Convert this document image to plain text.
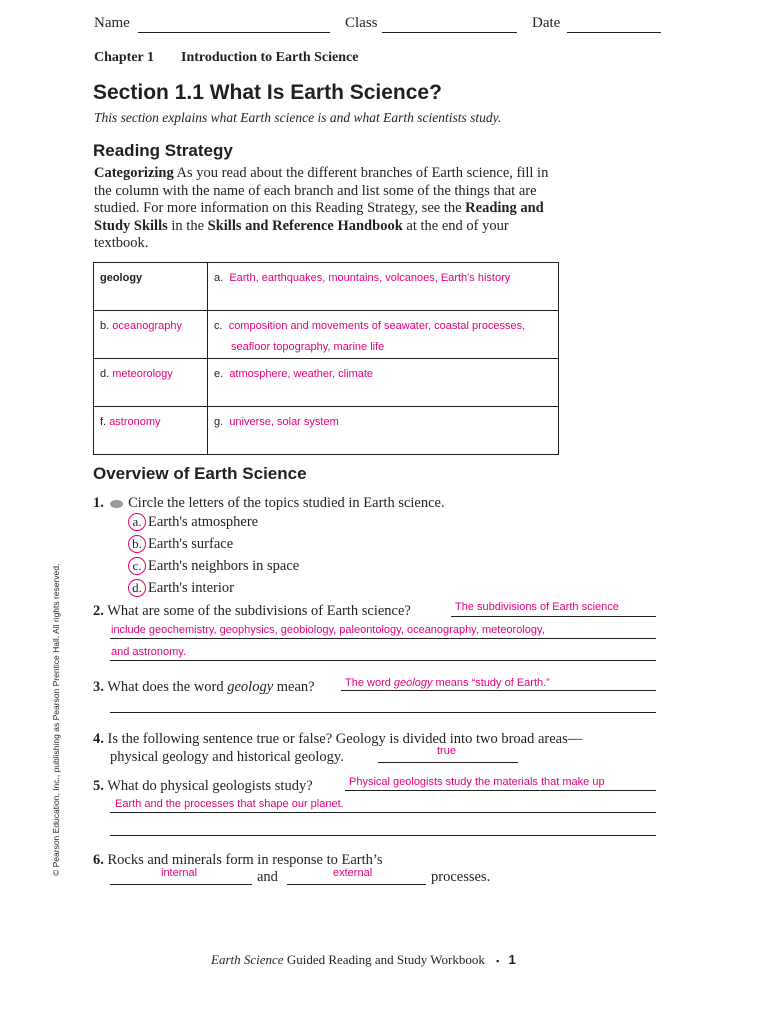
Name	Class	Date
Chapter 1 Introduction to Earth Science
Section 1.1 What Is Earth Science?
This section explains what Earth science is and what Earth scientists study.
Reading Strategy
Categorizing As you read about the different branches of Earth science, fill in the column with the name of each branch and list some of the things that are studied. For more information on this Reading Strategy, see the Reading and Study Skills in the Skills and Reference Handbook at the end of your textbook.
geology	a. Earth, earthquakes, mountains, volcanoes, Earth's history
b. oceanography	c. composition and movements of seawater, coastal processes, seafloor topography, marine life

d. meteorology	e. atmosphere, weather, climate
f. astronomy	g. universe, solar system
Overview of Earth Science
1. Circle the letters of the topics studied in Earth science.
a. Earth's atmosphere
b. Earth's surface
c. Earth's neighbors in space
d. Earth's interior
2. What are some of the subdivisions of Earth science?	The subdivisions of Earth science
include geochemistry, geophysics, geobiology, paleontology, oceanography, meteorology,
and astronomy.
3. What does the word geology mean?	The word geology means “study of Earth.”
4. Is the following sentence true or false? Geology is divided into two broad areas—
physical geology and historical geology.	true
5. What do physical geologists study?	Physical geologists study the materials that make up
Earth and the processes that shape our planet.
6. Rocks and minerals form in response to Earth’s
internal	and	external	processes.
© Pearson Education, Inc., publishing as Pearson Prentice Hall. All rights reserved.
Earth Science Guided Reading and Study Workbook ▪ 1
